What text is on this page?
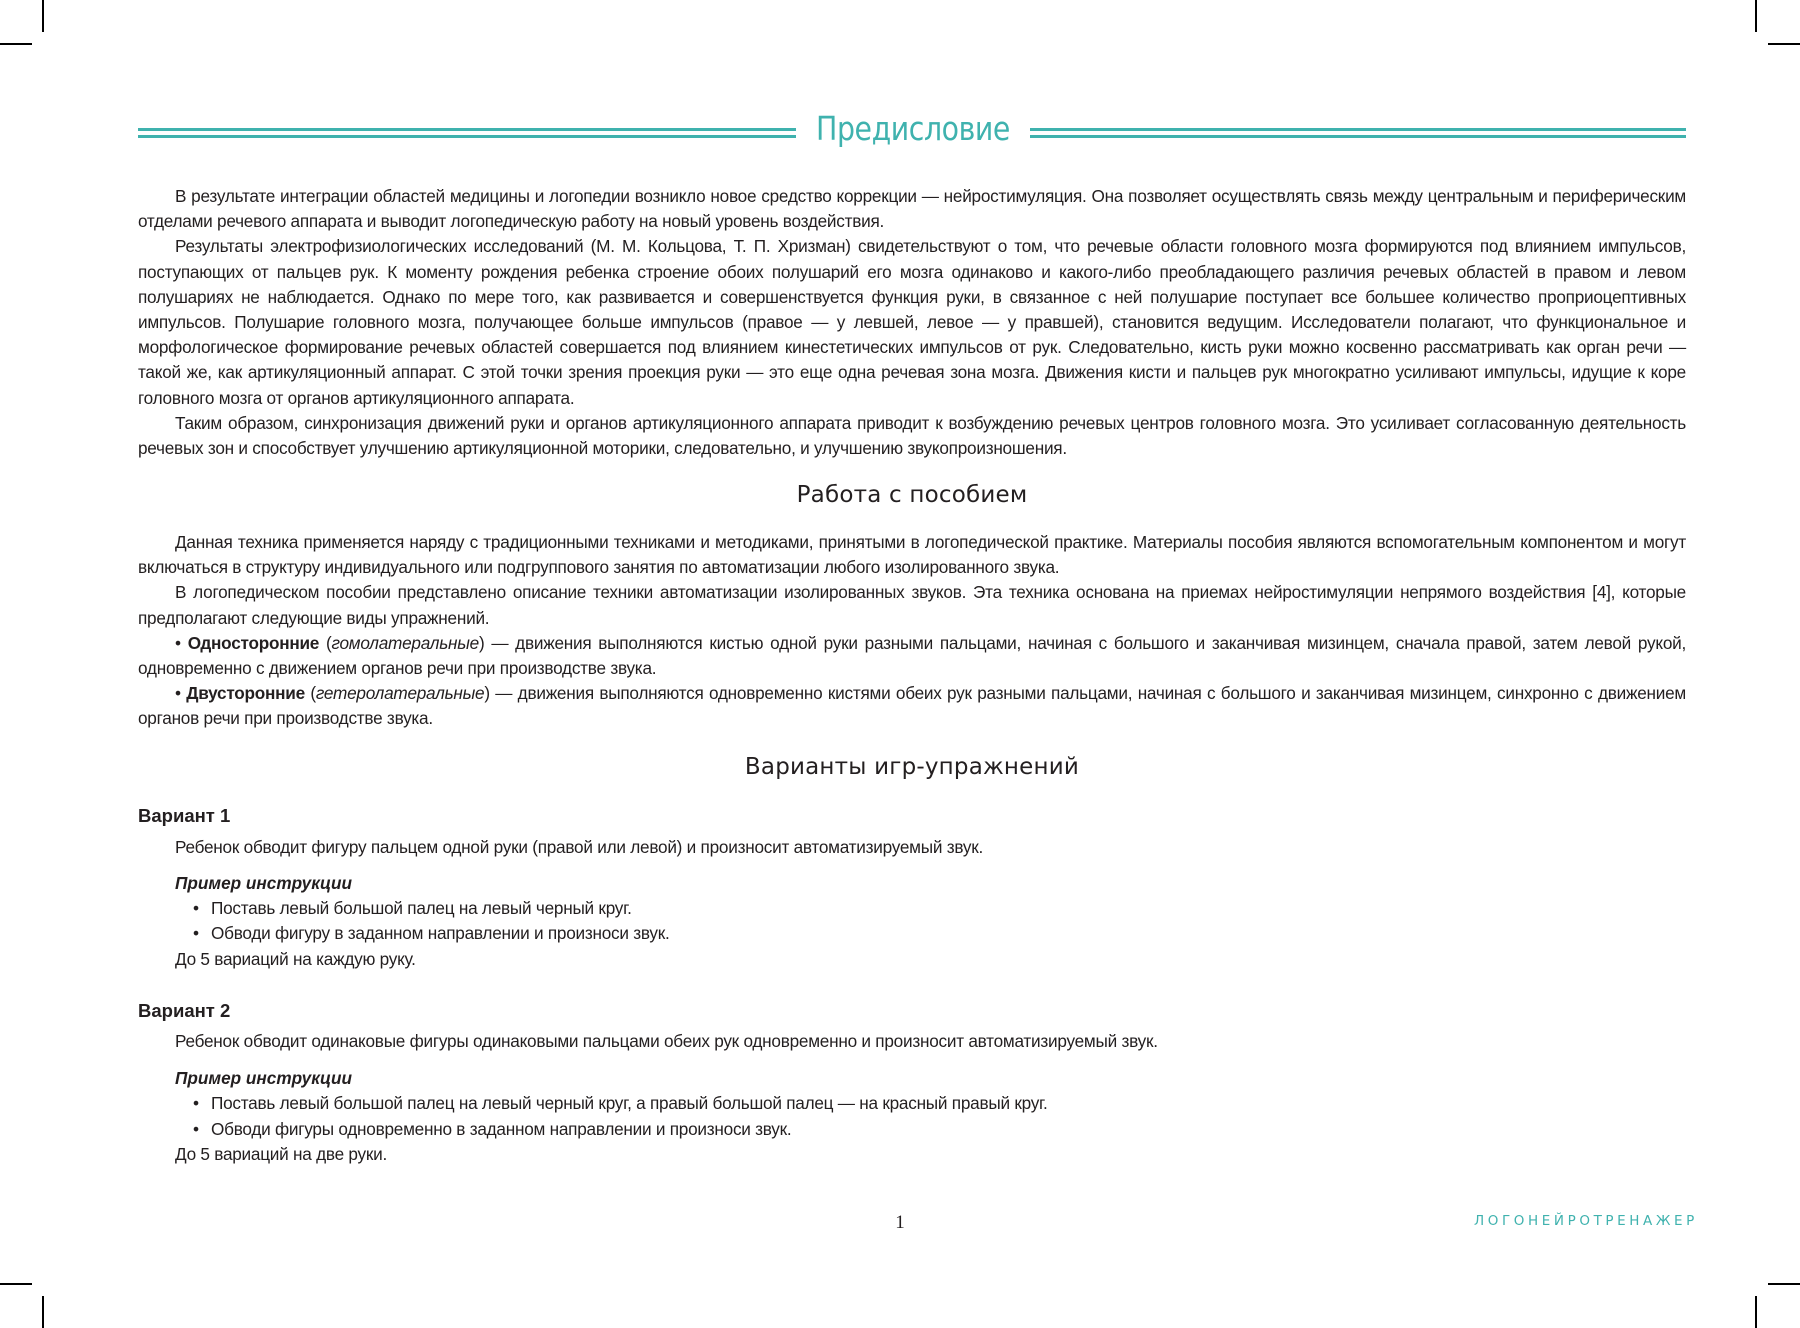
Предисловие

В результате интеграции областей медицины и логопедии возникло новое средство коррекции — нейростимуляция. Она позволяет осуществлять связь между центральным и периферическим отделами речевого аппарата и выводит логопедическую работу на новый уровень воздействия.

Результаты электрофизиологических исследований (М. М. Кольцова, Т. П. Хризман) свидетельствуют о том, что речевые области головного мозга формируются под влиянием импульсов, поступающих от пальцев рук. К моменту рождения ребенка строение обоих полушарий его мозга одинаково и какого-либо преобладающего различия речевых областей в правом и левом полушариях не наблюдается. Однако по мере того, как развивается и совершенствуется функция руки, в связанное с ней полушарие поступает все большее количество проприоцептивных импульсов. Полушарие головного мозга, получающее больше импульсов (правое — у левшей, левое — у правшей), становится ведущим. Исследователи полагают, что функциональное и морфологическое формирование речевых областей совершается под влиянием кинестетических импульсов от рук. Следовательно, кисть руки можно косвенно рассматривать как орган речи — такой же, как артикуляционный аппарат. С этой точки зрения проекция руки — это еще одна речевая зона мозга. Движения кисти и пальцев рук многократно усиливают импульсы, идущие к коре головного мозга от органов артикуляционного аппарата.

Таким образом, синхронизация движений руки и органов артикуляционного аппарата приводит к возбуждению речевых центров головного мозга. Это усиливает согласованную деятельность речевых зон и способствует улучшению артикуляционной моторики, следовательно, и улучшению звукопроизношения.

Работа с пособием

Данная техника применяется наряду с традиционными техниками и методиками, принятыми в логопедической практике. Материалы пособия являются вспомогательным компонентом и могут включаться в структуру индивидуального или подгруппового занятия по автоматизации любого изолированного звука.

В логопедическом пособии представлено описание техники автоматизации изолированных звуков. Эта техника основана на приемах нейростимуляции непрямого воздействия [4], которые предполагают следующие виды упражнений.

• Односторонние (гомолатеральные) — движения выполняются кистью одной руки разными пальцами, начиная с большого и заканчивая мизинцем, сначала правой, затем левой рукой, одновременно с движением органов речи при производстве звука.

• Двусторонние (гетеролатеральные) — движения выполняются одновременно кистями обеих рук разными пальцами, начиная с большого и заканчивая мизинцем, синхронно с движением органов речи при производстве звука.

Варианты игр-упражнений
Вариант 1
Ребенок обводит фигуру пальцем одной руки (правой или левой) и произносит автоматизируемый звук.
Пример инструкции
• Поставь левый большой палец на левый черный круг.
• Обводи фигуру в заданном направлении и произноси звук.
До 5 вариаций на каждую руку.
Вариант 2
Ребенок обводит одинаковые фигуры одинаковыми пальцами обеих рук одновременно и произносит автоматизируемый звук.
Пример инструкции
• Поставь левый большой палец на левый черный круг, а правый большой палец — на красный правый круг.
• Обводи фигуры одновременно в заданном направлении и произноси звук.
До 5 вариаций на две руки.
1	ЛОГОНЕЙРОТРЕНАЖЕР
